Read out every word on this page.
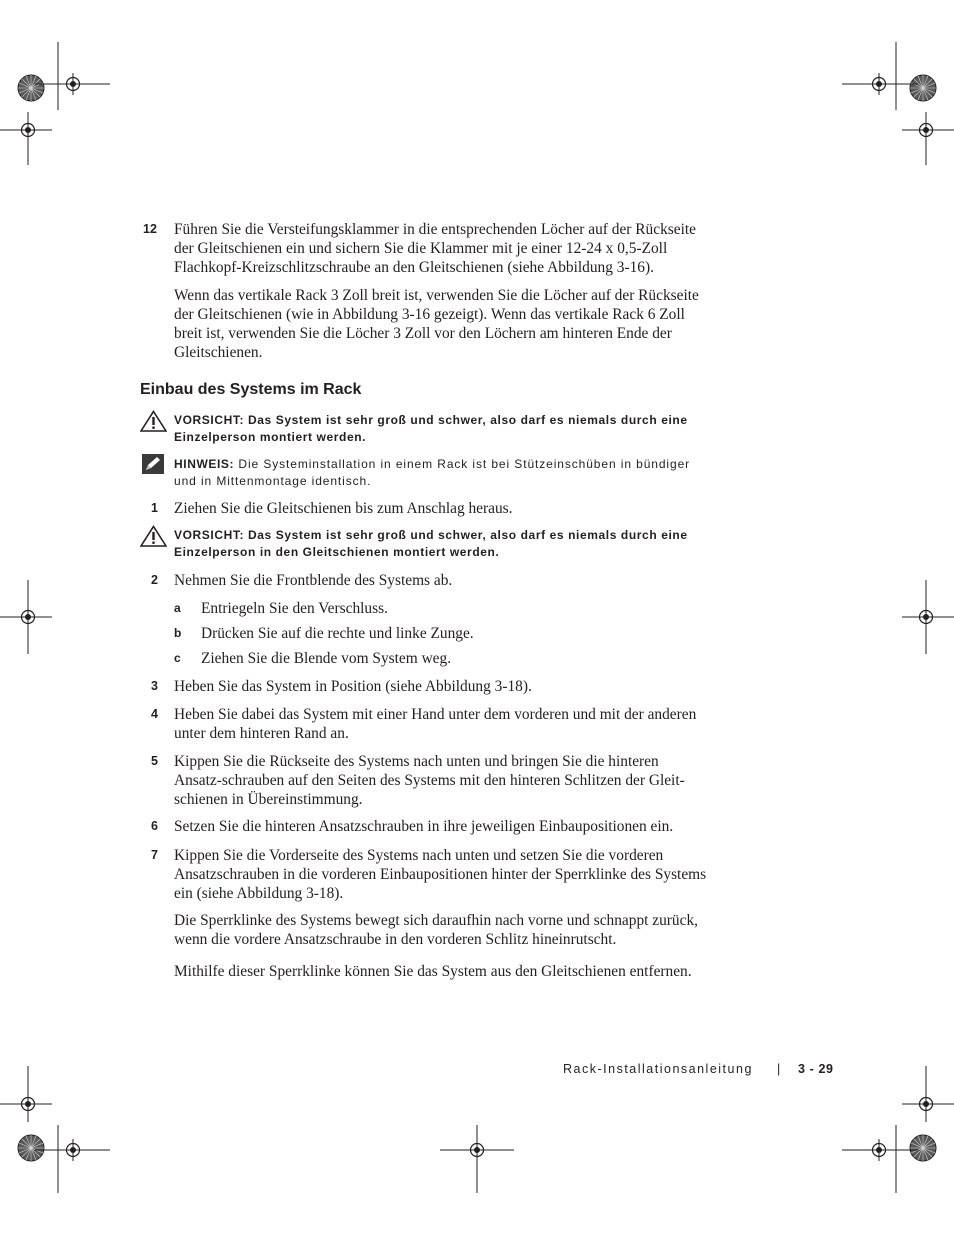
12 Führen Sie die Versteifungsklammer in die entsprechenden Löcher auf der Rückseite
der Gleitschienen ein und sichern Sie die Klammer mit je einer 12-24 x 0,5-Zoll
Flachkopf-Kreizschlitzschraube an den Gleitschienen (siehe Abbildung 3-16).
Wenn das vertikale Rack 3 Zoll breit ist, verwenden Sie die Löcher auf der Rückseite
der Gleitschienen (wie in Abbildung 3-16 gezeigt). Wenn das vertikale Rack 6 Zoll
breit ist, verwenden Sie die Löcher 3 Zoll vor den Löchern am hinteren Ende der
Gleitschienen.
Einbau des Systems im Rack
VORSICHT: Das System ist sehr groß und schwer, also darf es niemals durch eine
Einzelperson montiert werden.
HINWEIS: Die Systeminstallation in einem Rack ist bei Stützeinschüben in bündiger
und in Mittenmontage identisch.
1 Ziehen Sie die Gleitschienen bis zum Anschlag heraus.
VORSICHT: Das System ist sehr groß und schwer, also darf es niemals durch eine
Einzelperson in den Gleitschienen montiert werden.
2 Nehmen Sie die Frontblende des Systems ab.
a Entriegeln Sie den Verschluss.
b Drücken Sie auf die rechte und linke Zunge.
c Ziehen Sie die Blende vom System weg.
3 Heben Sie das System in Position (siehe Abbildung 3-18).
4 Heben Sie dabei das System mit einer Hand unter dem vorderen und mit der anderen
unter dem hinteren Rand an.
5 Kippen Sie die Rückseite des Systems nach unten und bringen Sie die hinteren
Ansatz-schrauben auf den Seiten des Systems mit den hinteren Schlitzen der Gleit-
schienen in Übereinstimmung.
6 Setzen Sie die hinteren Ansatzschrauben in ihre jeweiligen Einbaupositionen ein.
7 Kippen Sie die Vorderseite des Systems nach unten und setzen Sie die vorderen
Ansatzschrauben in die vorderen Einbaupositionen hinter der Sperrklinke des Systems
ein (siehe Abbildung 3-18).
Die Sperrklinke des Systems bewegt sich daraufhin nach vorne und schnappt zurück,
wenn die vordere Ansatzschraube in den vorderen Schlitz hineinrutscht.
Mithilfe dieser Sperrklinke können Sie das System aus den Gleitschienen entfernen.
Rack-Installationsanleitung | 3 - 29
